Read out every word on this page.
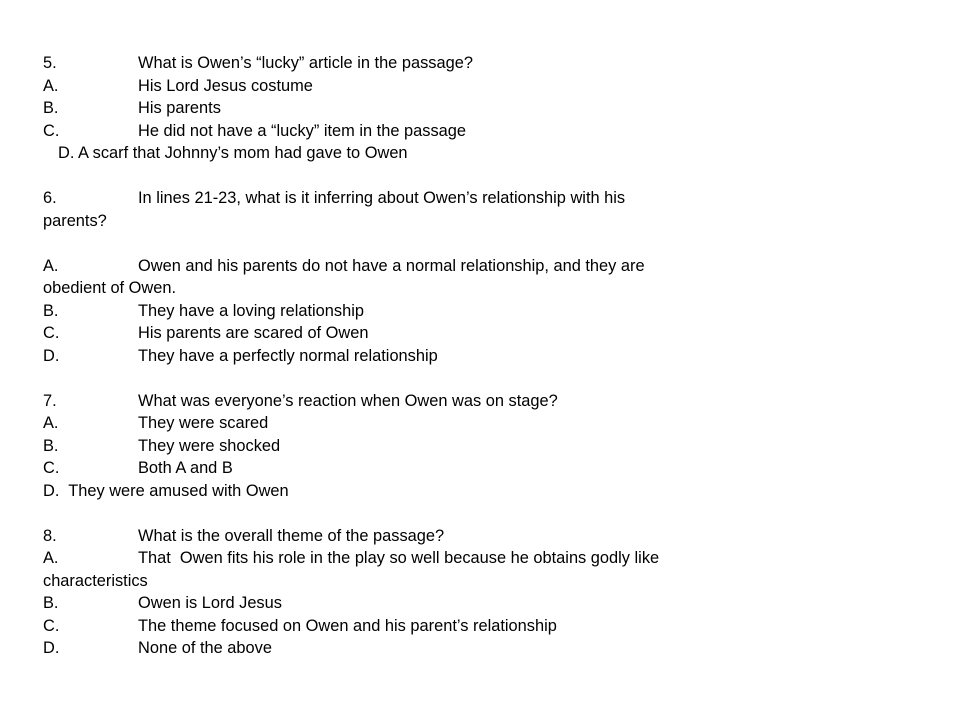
5.	What is Owen’s “lucky” article in the passage?
A.	His Lord Jesus costume
B.	His parents
C.	He did not have a “lucky” item in the passage
D. A scarf that Johnny’s mom had gave to Owen
6.	In lines 21-23, what is it inferring about Owen’s relationship with his
parents?
A.	Owen and his parents do not have a normal relationship, and they are
obedient of Owen.
B.	They have a loving relationship
C.	His parents are scared of Owen
D.	They have a perfectly normal relationship
7.	What was everyone’s reaction when Owen was on stage?
A.	They were scared
B.	They were shocked
C.	Both A and B
D.  They were amused with Owen
8.	What is the overall theme of the passage?
A.	That  Owen fits his role in the play so well because he obtains godly like
characteristics
B.	Owen is Lord Jesus
C.	The theme focused on Owen and his parent’s relationship
D.	None of the above
